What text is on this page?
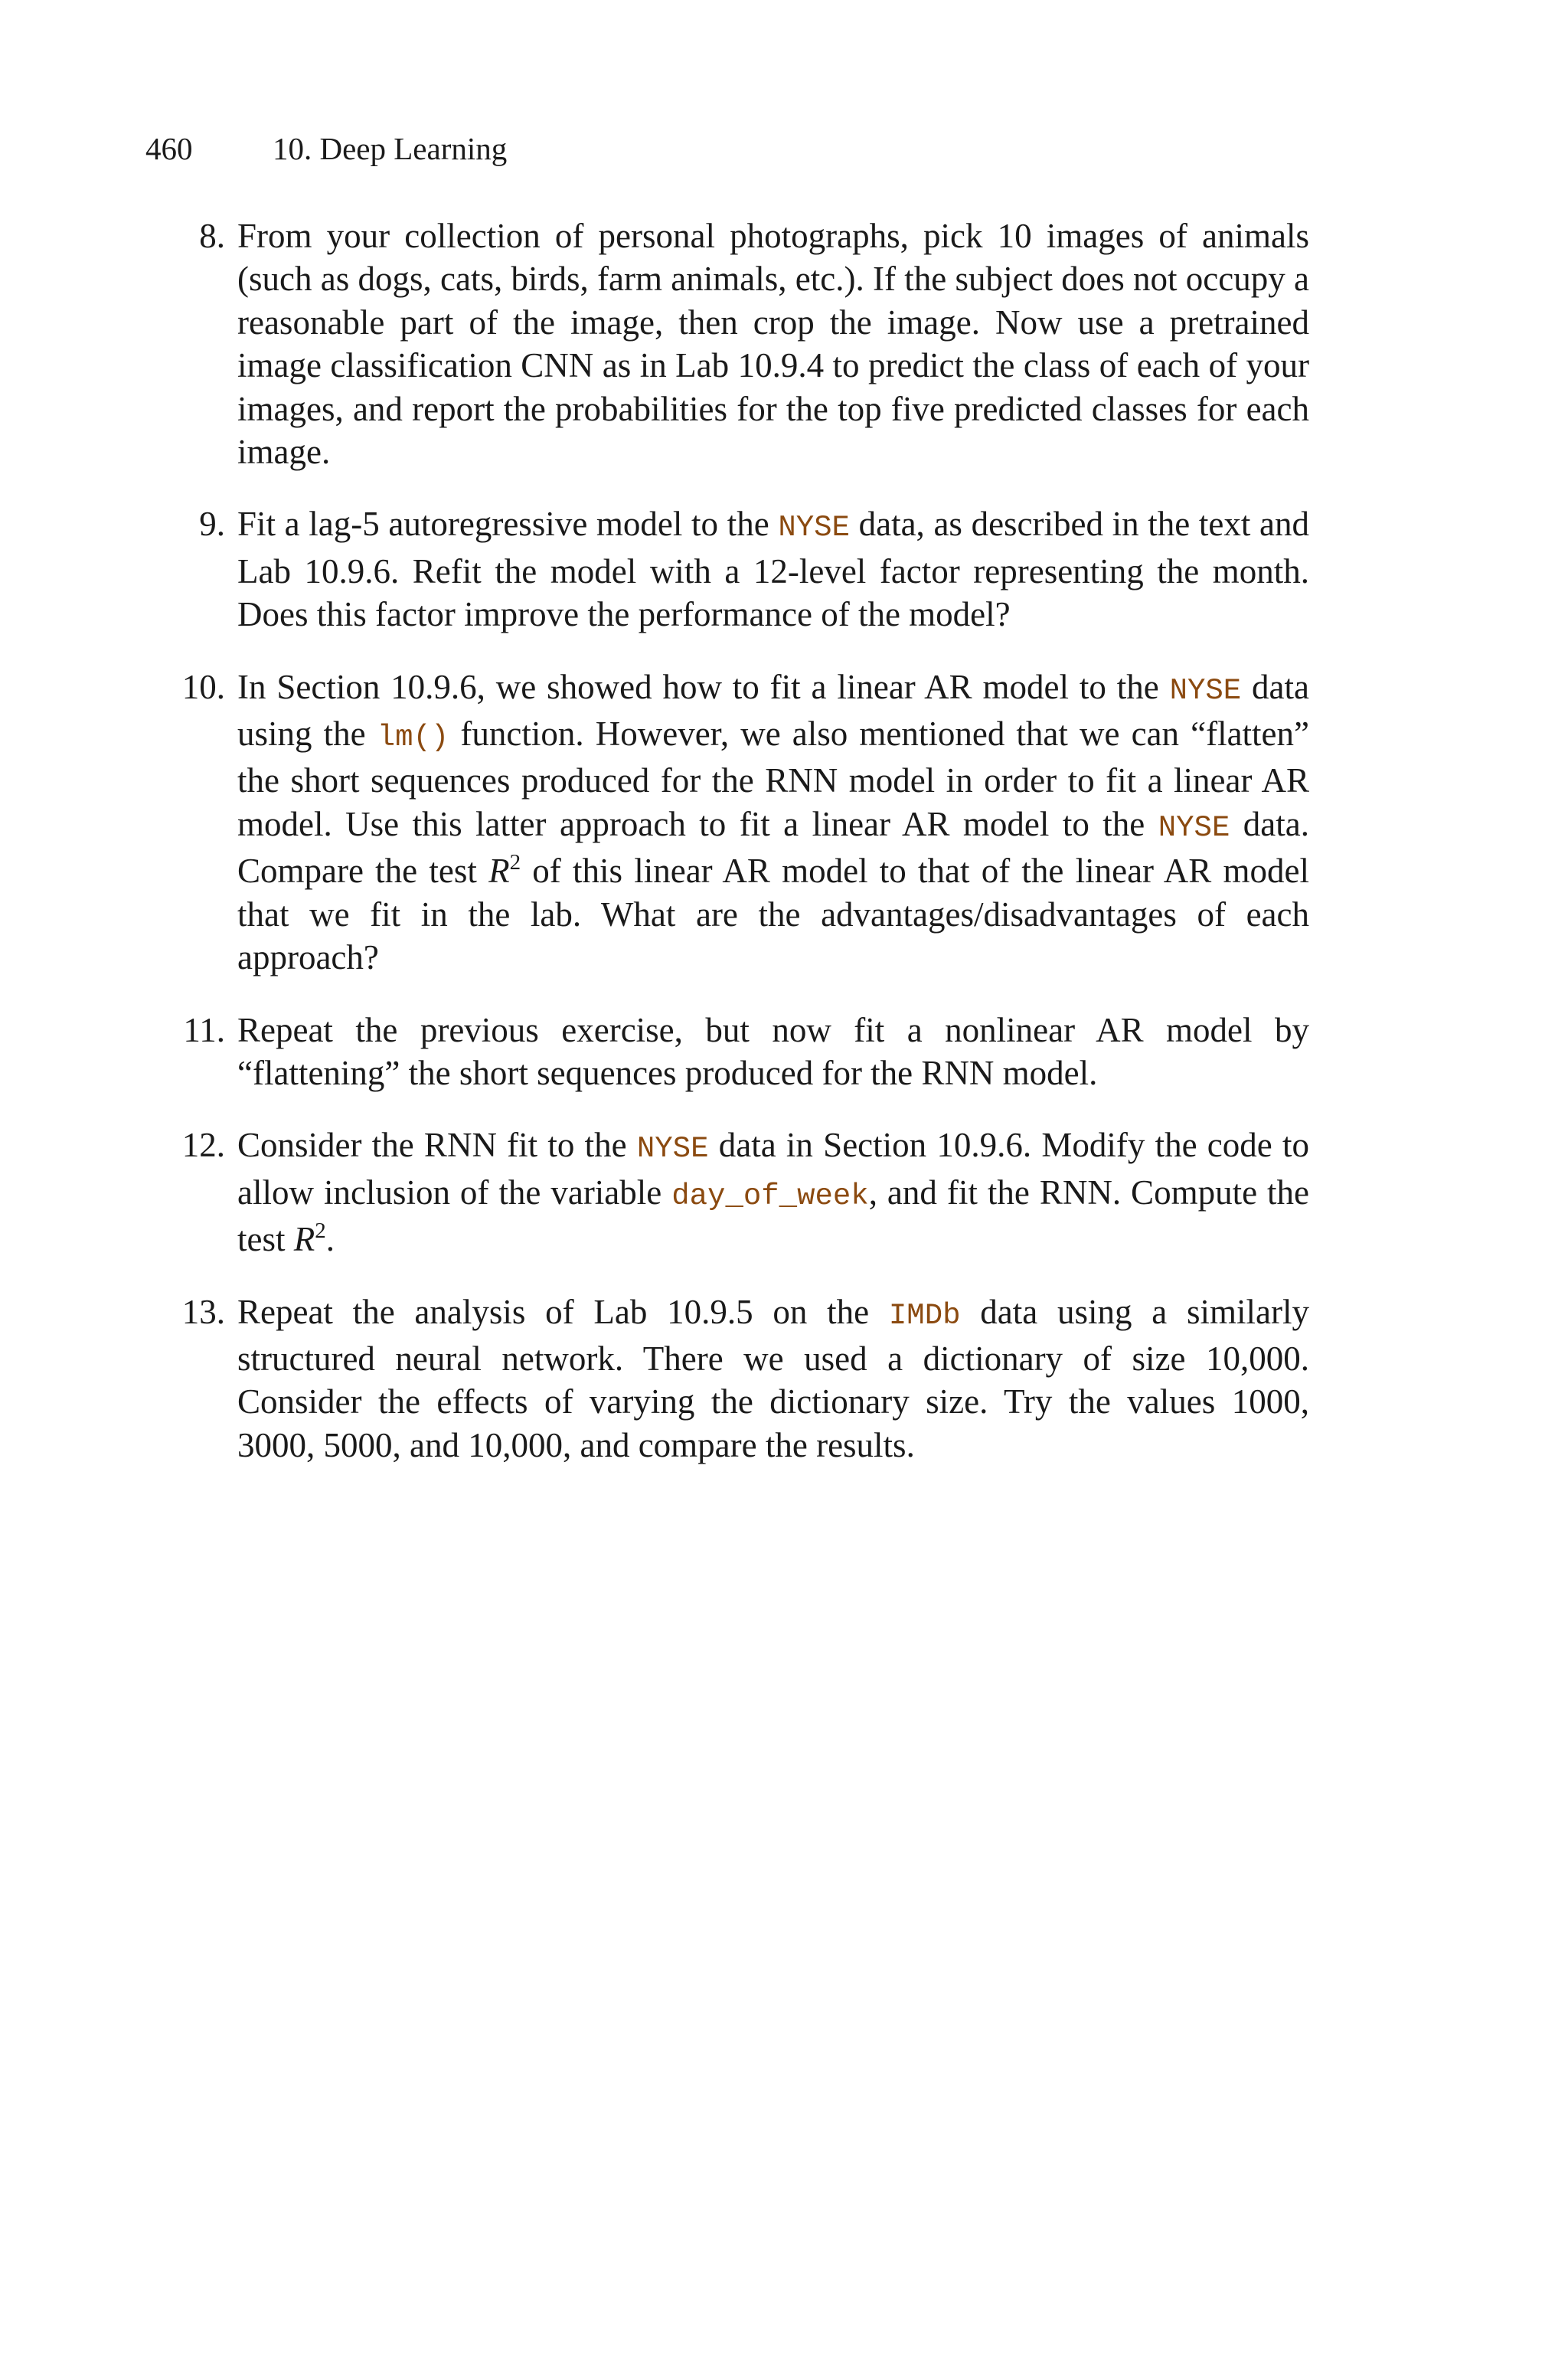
460	10. Deep Learning
8. From your collection of personal photographs, pick 10 images of animals (such as dogs, cats, birds, farm animals, etc.). If the subject does not occupy a reasonable part of the image, then crop the image. Now use a pretrained image classification CNN as in Lab 10.9.4 to predict the class of each of your images, and report the probabilities for the top five predicted classes for each image.
9. Fit a lag-5 autoregressive model to the NYSE data, as described in the text and Lab 10.9.6. Refit the model with a 12-level factor representing the month. Does this factor improve the performance of the model?
10. In Section 10.9.6, we showed how to fit a linear AR model to the NYSE data using the lm() function. However, we also mentioned that we can “flatten” the short sequences produced for the RNN model in order to fit a linear AR model. Use this latter approach to fit a linear AR model to the NYSE data. Compare the test $R^2$ of this linear AR model to that of the linear AR model that we fit in the lab. What are the advantages/disadvantages of each approach?
11. Repeat the previous exercise, but now fit a nonlinear AR model by “flattening” the short sequences produced for the RNN model.
12. Consider the RNN fit to the NYSE data in Section 10.9.6. Modify the code to allow inclusion of the variable day_of_week, and fit the RNN. Compute the test $R^2$.
13. Repeat the analysis of Lab 10.9.5 on the IMDb data using a similarly structured neural network. There we used a dictionary of size 10,000. Consider the effects of varying the dictionary size. Try the values 1000, 3000, 5000, and 10,000, and compare the results.
